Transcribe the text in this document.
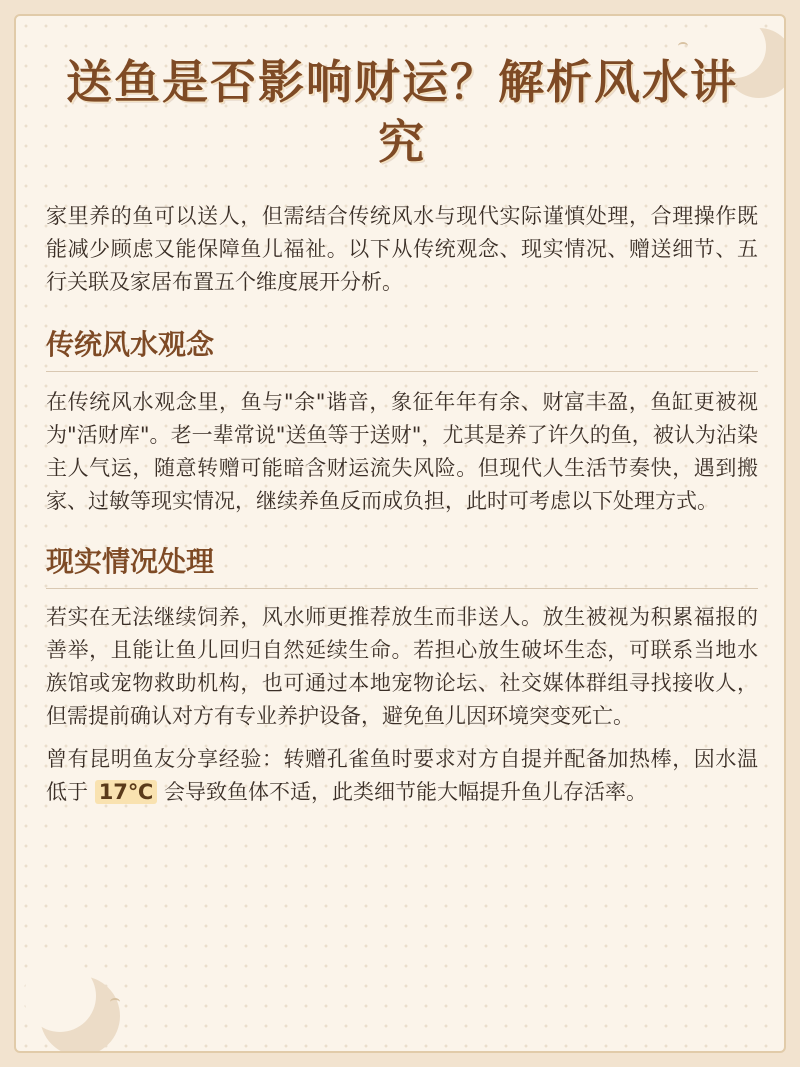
送鱼是否影响财运？解析风水讲究

家里养的鱼可以送人，但需结合传统风水与现代实际谨慎处理，合理操作既能减少顾虑又能保障鱼儿福祉。以下从传统观念、现实情况、赠送细节、五行关联及家居布置五个维度展开分析。

传统风水观念

在传统风水观念里，鱼与"余"谐音，象征年年有余、财富丰盈，鱼缸更被视为"活财库"。老一辈常说"送鱼等于送财"，尤其是养了许久的鱼，被认为沾染主人气运，随意转赠可能暗含财运流失风险。但现代人生活节奏快，遇到搬家、过敏等现实情况，继续养鱼反而成负担，此时可考虑以下处理方式。

现实情况处理

若实在无法继续饲养，风水师更推荐放生而非送人。放生被视为积累福报的善举，且能让鱼儿回归自然延续生命。若担心放生破坏生态，可联系当地水族馆或宠物救助机构，也可通过本地宠物论坛、社交媒体群组寻找接收人，但需提前确认对方有专业养护设备，避免鱼儿因环境突变死亡。

曾有昆明鱼友分享经验：转赠孔雀鱼时要求对方自提并配备加热棒，因水温低于 17℃ 会导致鱼体不适，此类细节能大幅提升鱼儿存活率。
